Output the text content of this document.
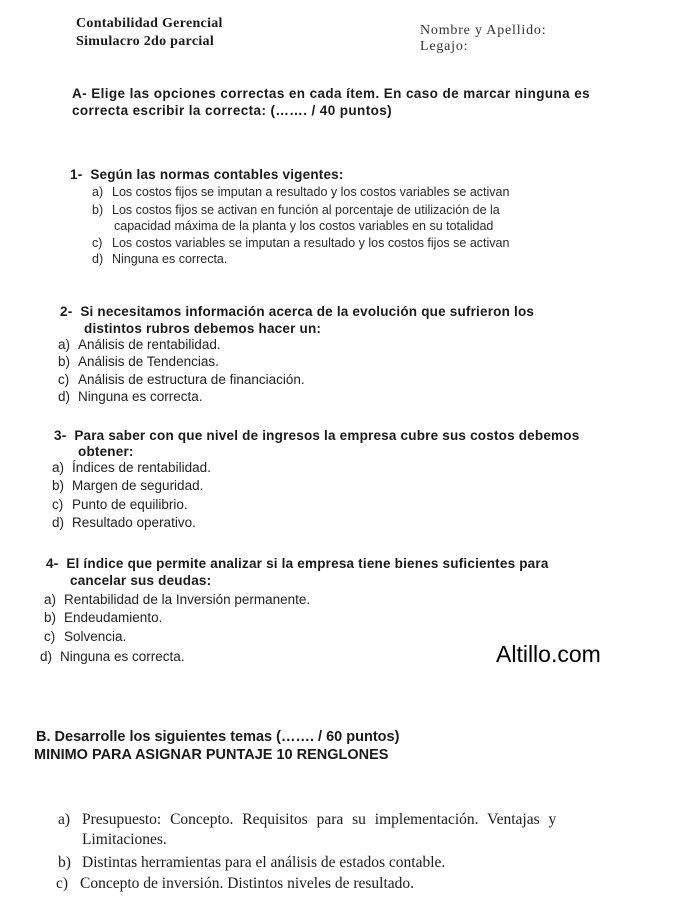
Contabilidad Gerencial
Simulacro 2do parcial
Nombre y Apellido:
Legajo:
A- Elige las opciones correctas en cada ítem. En caso de marcar ninguna es
correcta escribir la correcta: (……. / 40 puntos)
1- Según las normas contables vigentes:
a) Los costos fijos se imputan a resultado y los costos variables se activan
b) Los costos fijos se activan en función al porcentaje de utilización de la
capacidad máxima de la planta y los costos variables en su totalidad
c) Los costos variables se imputan a resultado y los costos fijos se activan
d) Ninguna es correcta.
2- Si necesitamos información acerca de la evolución que sufrieron los
distintos rubros debemos hacer un:
a) Análisis de rentabilidad.
b) Análisis de Tendencias.
c) Análisis de estructura de financiación.
d) Ninguna es correcta.
3- Para saber con que nivel de ingresos la empresa cubre sus costos debemos
obtener:
a) Índices de rentabilidad.
b) Margen de seguridad.
c) Punto de equilibrio.
d) Resultado operativo.
4- El índice que permite analizar si la empresa tiene bienes suficientes para
cancelar sus deudas:
a) Rentabilidad de la Inversión permanente.
b) Endeudamiento.
c) Solvencia.
d) Ninguna es correcta.	Altillo.com
B. Desarrolle los siguientes temas (……. / 60 puntos)
MINIMO PARA ASIGNAR PUNTAJE 10 RENGLONES
a) Presupuesto: Concepto. Requisitos para su implementación. Ventajas y
Limitaciones.
b) Distintas herramientas para el análisis de estados contable.
c) Concepto de inversión. Distintos niveles de resultado.
